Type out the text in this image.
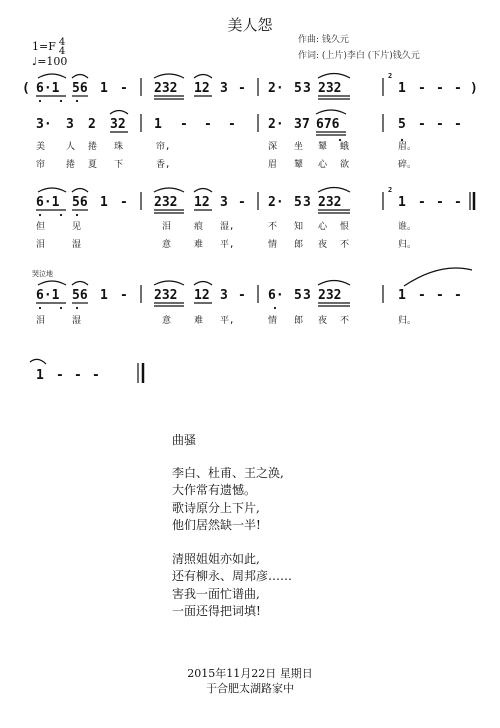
美人怨
1=F 4
4
♩=100
作曲: 钱久元
作词: (上片)李白 (下片)钱久元
( 6·1 56 1 - 232 12 3 - 2· 5 3 232
2
1 - - - )
3· 3 2 32 1 - - - 2· 3 7 676	5 - - -
美 人 捲 珠	帘,	深 坐 颦 蛾	眉。
帘 捲 夏 下	香,	眉 颦 心 欲	碎。
6·1 56 1 - 232 12 3 - 2· 5 3 232
2
1 - - -
但	见	泪	痕 湿,	不 知 心 恨	谁。
泪	湿	意	难 平,	情 郎 夜 不	归。
哭泣地
6·1 56 1 - 232 12 3 - 6· 5 3 232	1 - - -
泪	湿	意	难 平,	情 郎 夜 不	归。
1 - - -
曲骚
李白、杜甫、王之涣,
大作常有遗憾。
歌诗原分上下片,
他们居然缺一半!
清照姐姐亦如此,
还有柳永、周邦彦……
害我一面忙谱曲,
一面还得把词填!
2015年11月22日 星期日
于合肥太湖路家中
